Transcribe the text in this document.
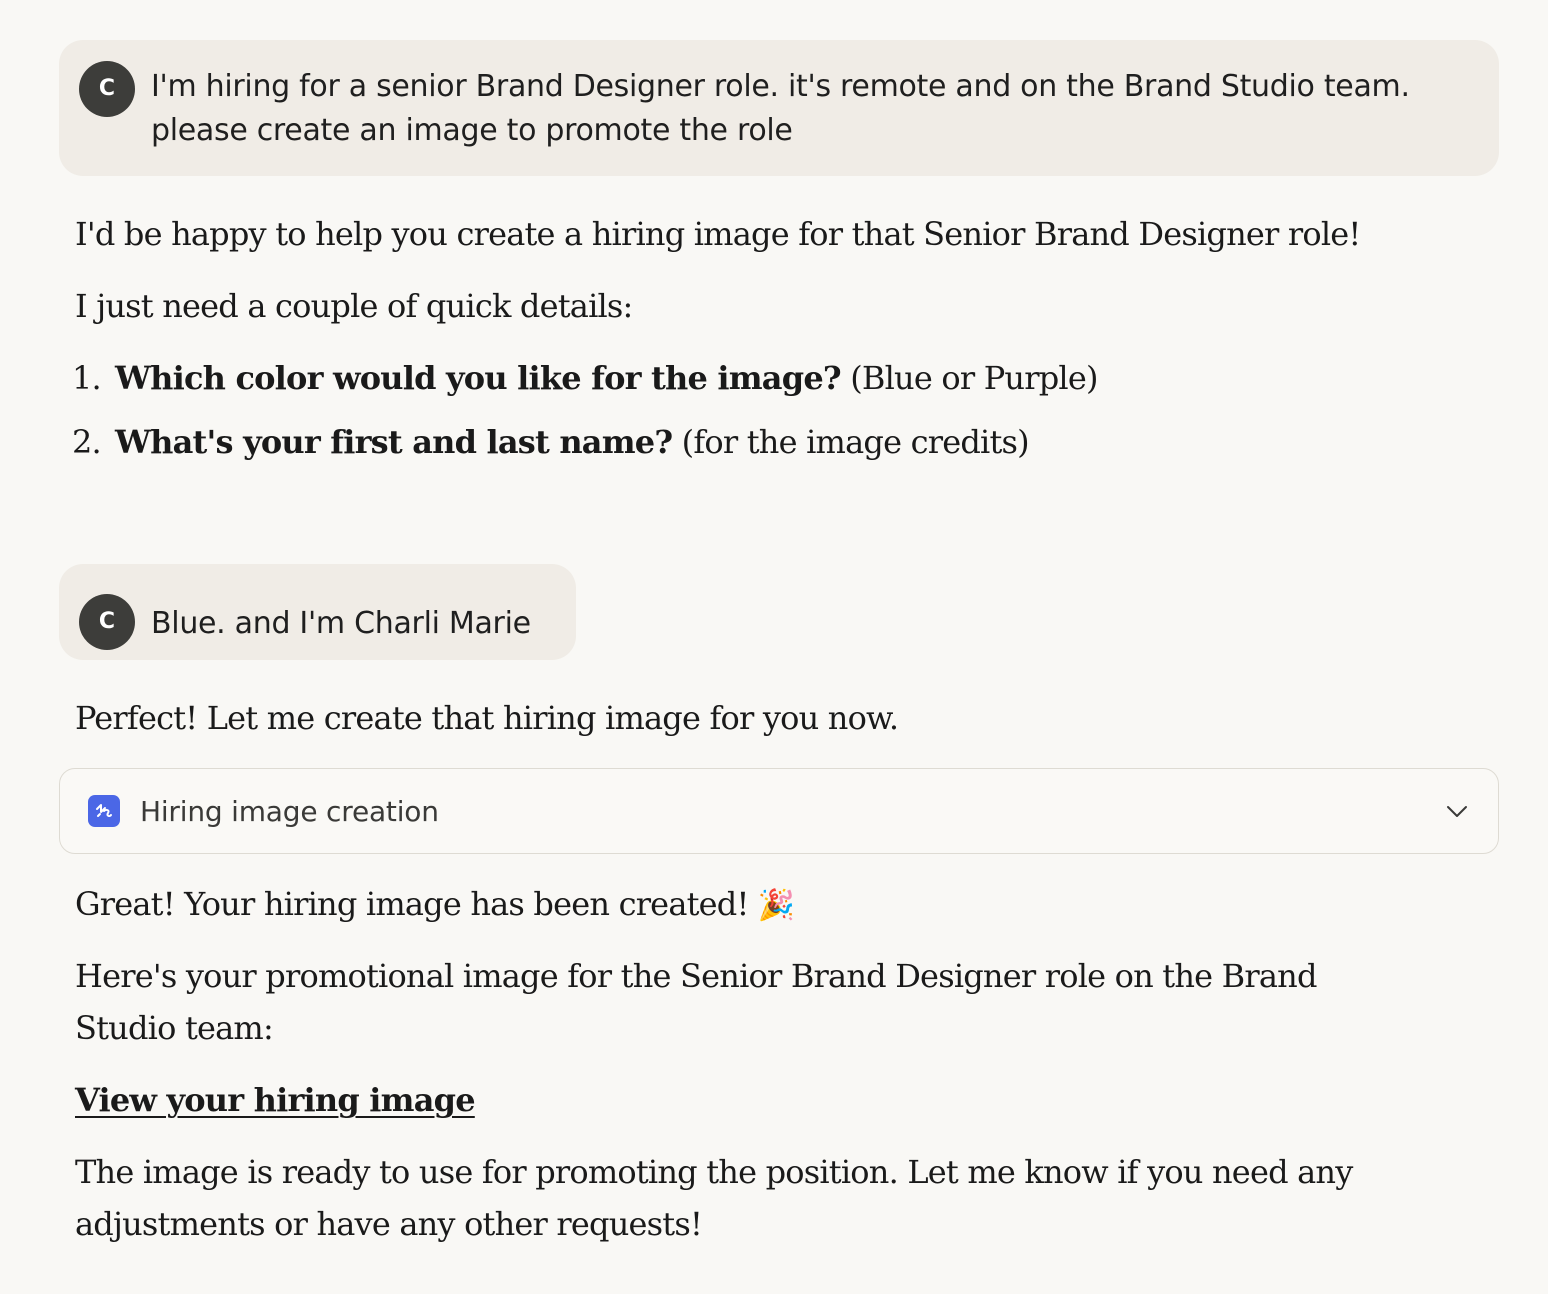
C	I'm hiring for a senior Brand Designer role. it's remote and on the Brand Studio team. please create an image to promote the role
I'd be happy to help you create a hiring image for that Senior Brand Designer role!
I just need a couple of quick details:
1. Which color would you like for the image? (Blue or Purple)
2. What's your first and last name? (for the image credits)
C	Blue. and I'm Charli Marie
Perfect! Let me create that hiring image for you now.
Hiring image creation
Great! Your hiring image has been created! 🎉
Here's your promotional image for the Senior Brand Designer role on the Brand Studio team:
View your hiring image
The image is ready to use for promoting the position. Let me know if you need any adjustments or have any other requests!
